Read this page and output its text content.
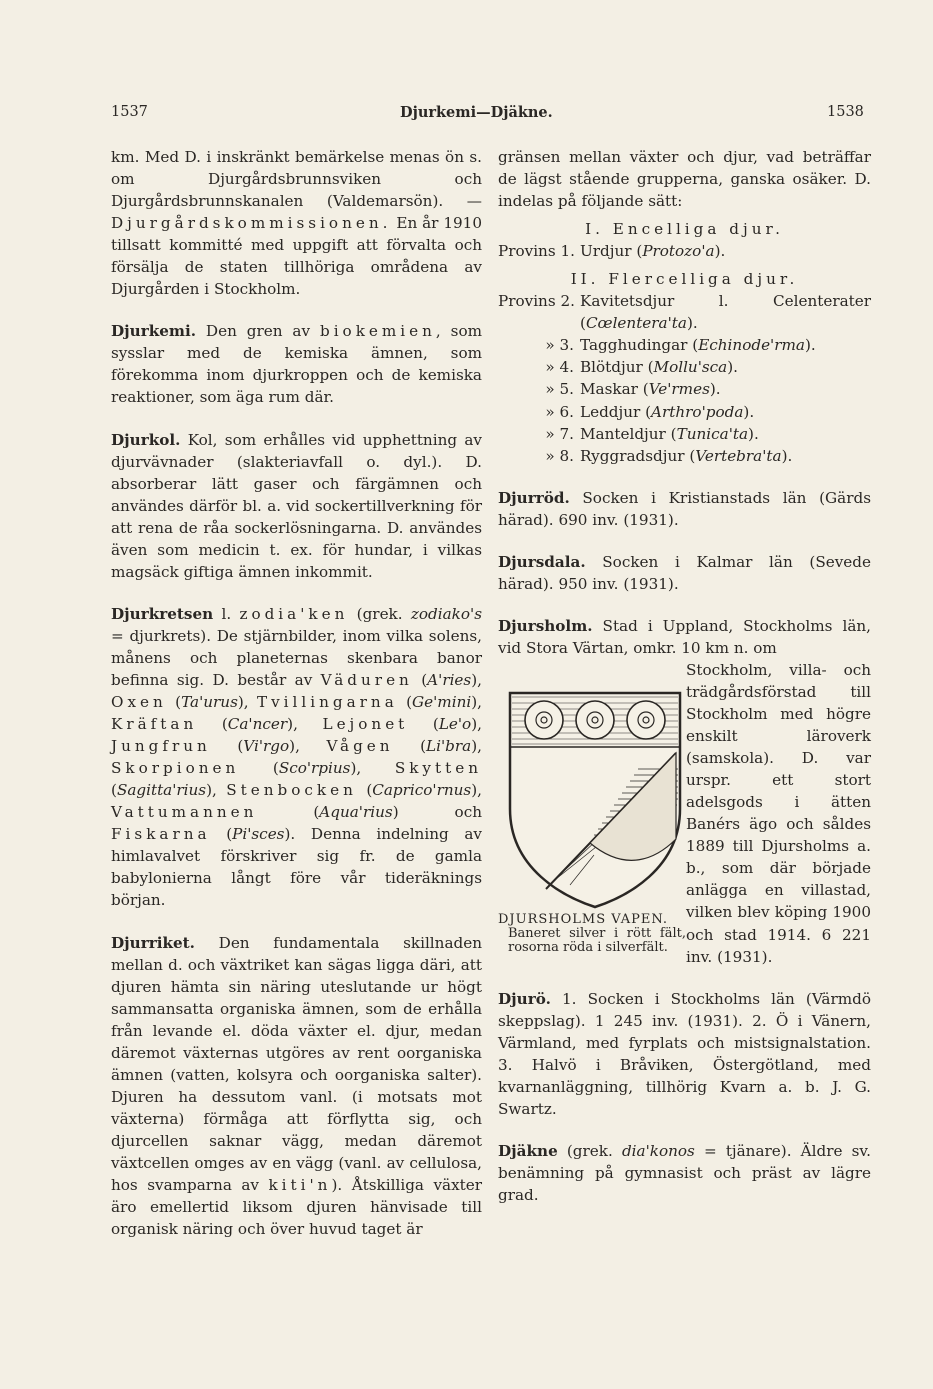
1537	Djurkemi—Djäkne.	1538

km. Med D. i inskränkt bemärkelse menas ön s. om Djurgårdsbrunnsviken och Djurgårdsbrunnskanalen (Valdemarsön). — Djurgårdskommissionen. En år 1910 tillsatt kommitté med uppgift att förvalta och försälja de staten tillhöriga områdena av Djurgården i Stockholm.

Djurkemi. Den gren av biokemien, som sysslar med de kemiska ämnen, som förekomma inom djurkroppen och de kemiska reaktioner, som äga rum där.

Djurkol. Kol, som erhålles vid upphettning av djurvävnader (slakteriavfall o. dyl.). D. absorberar lätt gaser och färgämnen och användes därför bl. a. vid sockertillverkning för att rena de råa sockerlösningarna. D. användes även som medicin t. ex. för hundar, i vilkas magsäck giftiga ämnen inkommit.

Djurkretsen l. zodia'ken (grek. zodiako's = djurkrets). De stjärnbilder, inom vilka solens, månens och planeternas skenbara banor befinna sig. D. består av Väduren (A'ries), Oxen (Ta'urus), Tvillingarna (Ge'mini), Kräftan (Ca'ncer), Lejonet (Le'o), Jungfrun (Vi'rgo), Vågen (Li'bra), Skorpionen (Sco'rpius), Skytten (Sagitta'rius), Stenbocken (Caprico'rnus), Vattumannen (Aqua'rius) och Fiskarna (Pi'sces). Denna indelning av himlavalvet förskriver sig fr. de gamla babylonierna långt före vår tideräknings början.

Djurriket. Den fundamentala skillnaden mellan d. och växtriket kan sägas ligga däri, att djuren hämta sin näring uteslutande ur högt sammansatta organiska ämnen, som de erhålla från levande el. döda växter el. djur, medan däremot växternas utgöres av rent oorganiska ämnen (vatten, kolsyra och oorganiska salter). Djuren ha dessutom vanl. (i motsats mot växterna) förmåga att förflytta sig, och djurcellen saknar vägg, medan däremot växtcellen omges av en vägg (vanl. av cellulosa, hos svamparna av kiti'n). Åtskilliga växter äro emellertid liksom djuren hänvisade till organisk näring och över huvud taget är

gränsen mellan växter och djur, vad beträffar de lägst stående grupperna, ganska osäker. D. indelas på följande sätt:

I. Encelliga djur.

Provins 1. Urdjur (Protozo'a).

II. Flercelliga djur.

Provins 2. Kavitetsdjur l. Celenterater (Cœlentera'ta).
» 3. Tagghudingar (Echinode'rma).
» 4. Blötdjur (Mollu'sca).
» 5. Maskar (Ve'rmes).
» 6. Leddjur (Arthro'poda).
» 7. Manteldjur (Tunica'ta).
» 8. Ryggradsdjur (Vertebra'ta).

Djurröd. Socken i Kristianstads län (Gärds härad). 690 inv. (1931).

Djursdala. Socken i Kalmar län (Sevede härad). 950 inv. (1931).

Djursholm. Stad i Uppland, Stockholms län, vid Stora Värtan, omkr. 10 km n. om

DJURSHOLMS VAPEN.
Baneret silver i rött fält, rosorna röda i silverfält.
Stockholm, villa- och trädgårdsförstad till Stockholm med högre enskilt läroverk (samskola). D. var urspr. ett stort adelsgods i ätten Banérs ägo och såldes 1889 till Djursholms a. b., som där började anlägga en villastad, vilken blev köping 1900 och stad 1914. 6 221 inv. (1931).

Djurö. 1. Socken i Stockholms län (Värmdö skeppslag). 1 245 inv. (1931). 2. Ö i Vänern, Värmland, med fyrplats och mistsignalstation. 3. Halvö i Bråviken, Östergötland, med kvarnanläggning, tillhörig Kvarn a. b. J. G. Swartz.

Djäkne (grek. dia'konos = tjänare). Äldre sv. benämning på gymnasist och präst av lägre grad.
